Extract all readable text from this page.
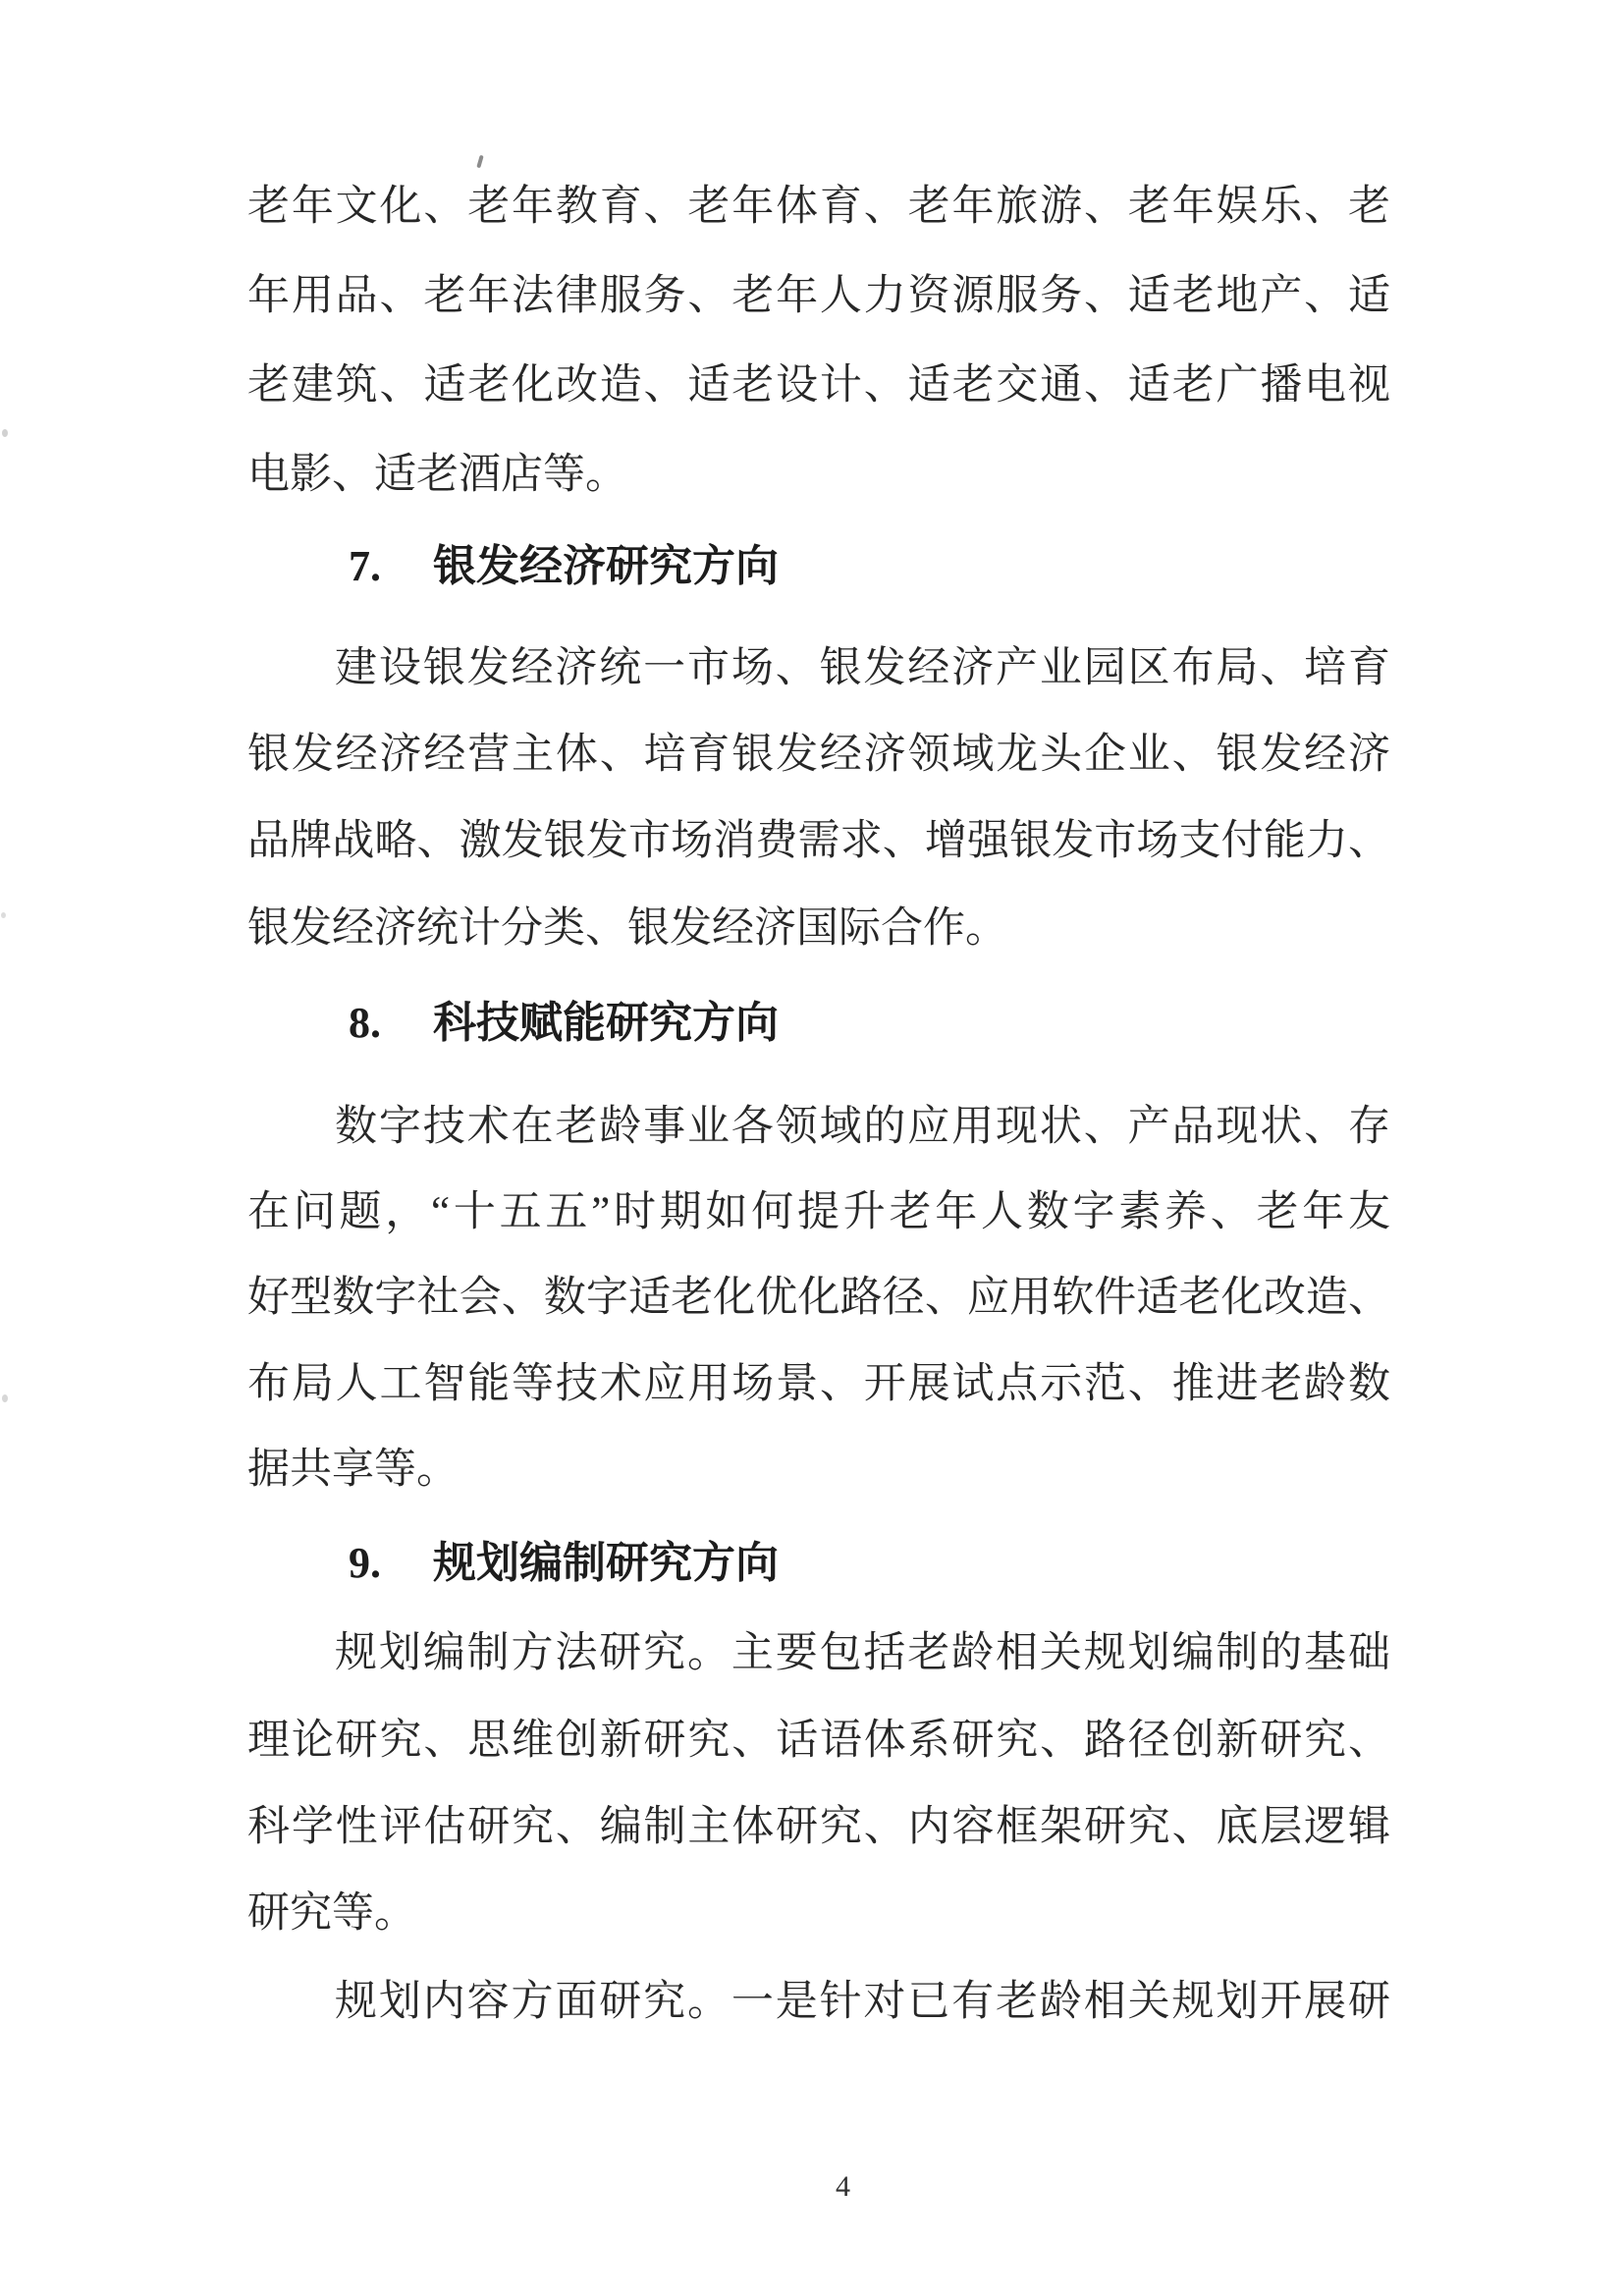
老年文化、老年教育、老年体育、老年旅游、老年娱乐、老
年用品、老年法律服务、老年人力资源服务、适老地产、适
老建筑、适老化改造、适老设计、适老交通、适老广播电视
电影、适老酒店等。
7. 银发经济研究方向
建设银发经济统一市场、银发经济产业园区布局、培育
银发经济经营主体、培育银发经济领域龙头企业、银发经济
品牌战略、激发银发市场消费需求、增强银发市场支付能力、
银发经济统计分类、银发经济国际合作。
8. 科技赋能研究方向
数字技术在老龄事业各领域的应用现状、产品现状、存
在问题，“十五五”时期如何提升老年人数字素养、老年友
好型数字社会、数字适老化优化路径、应用软件适老化改造、
布局人工智能等技术应用场景、开展试点示范、推进老龄数
据共享等。
9. 规划编制研究方向
规划编制方法研究。主要包括老龄相关规划编制的基础
理论研究、思维创新研究、话语体系研究、路径创新研究、
科学性评估研究、编制主体研究、内容框架研究、底层逻辑
研究等。
规划内容方面研究。一是针对已有老龄相关规划开展研
4
